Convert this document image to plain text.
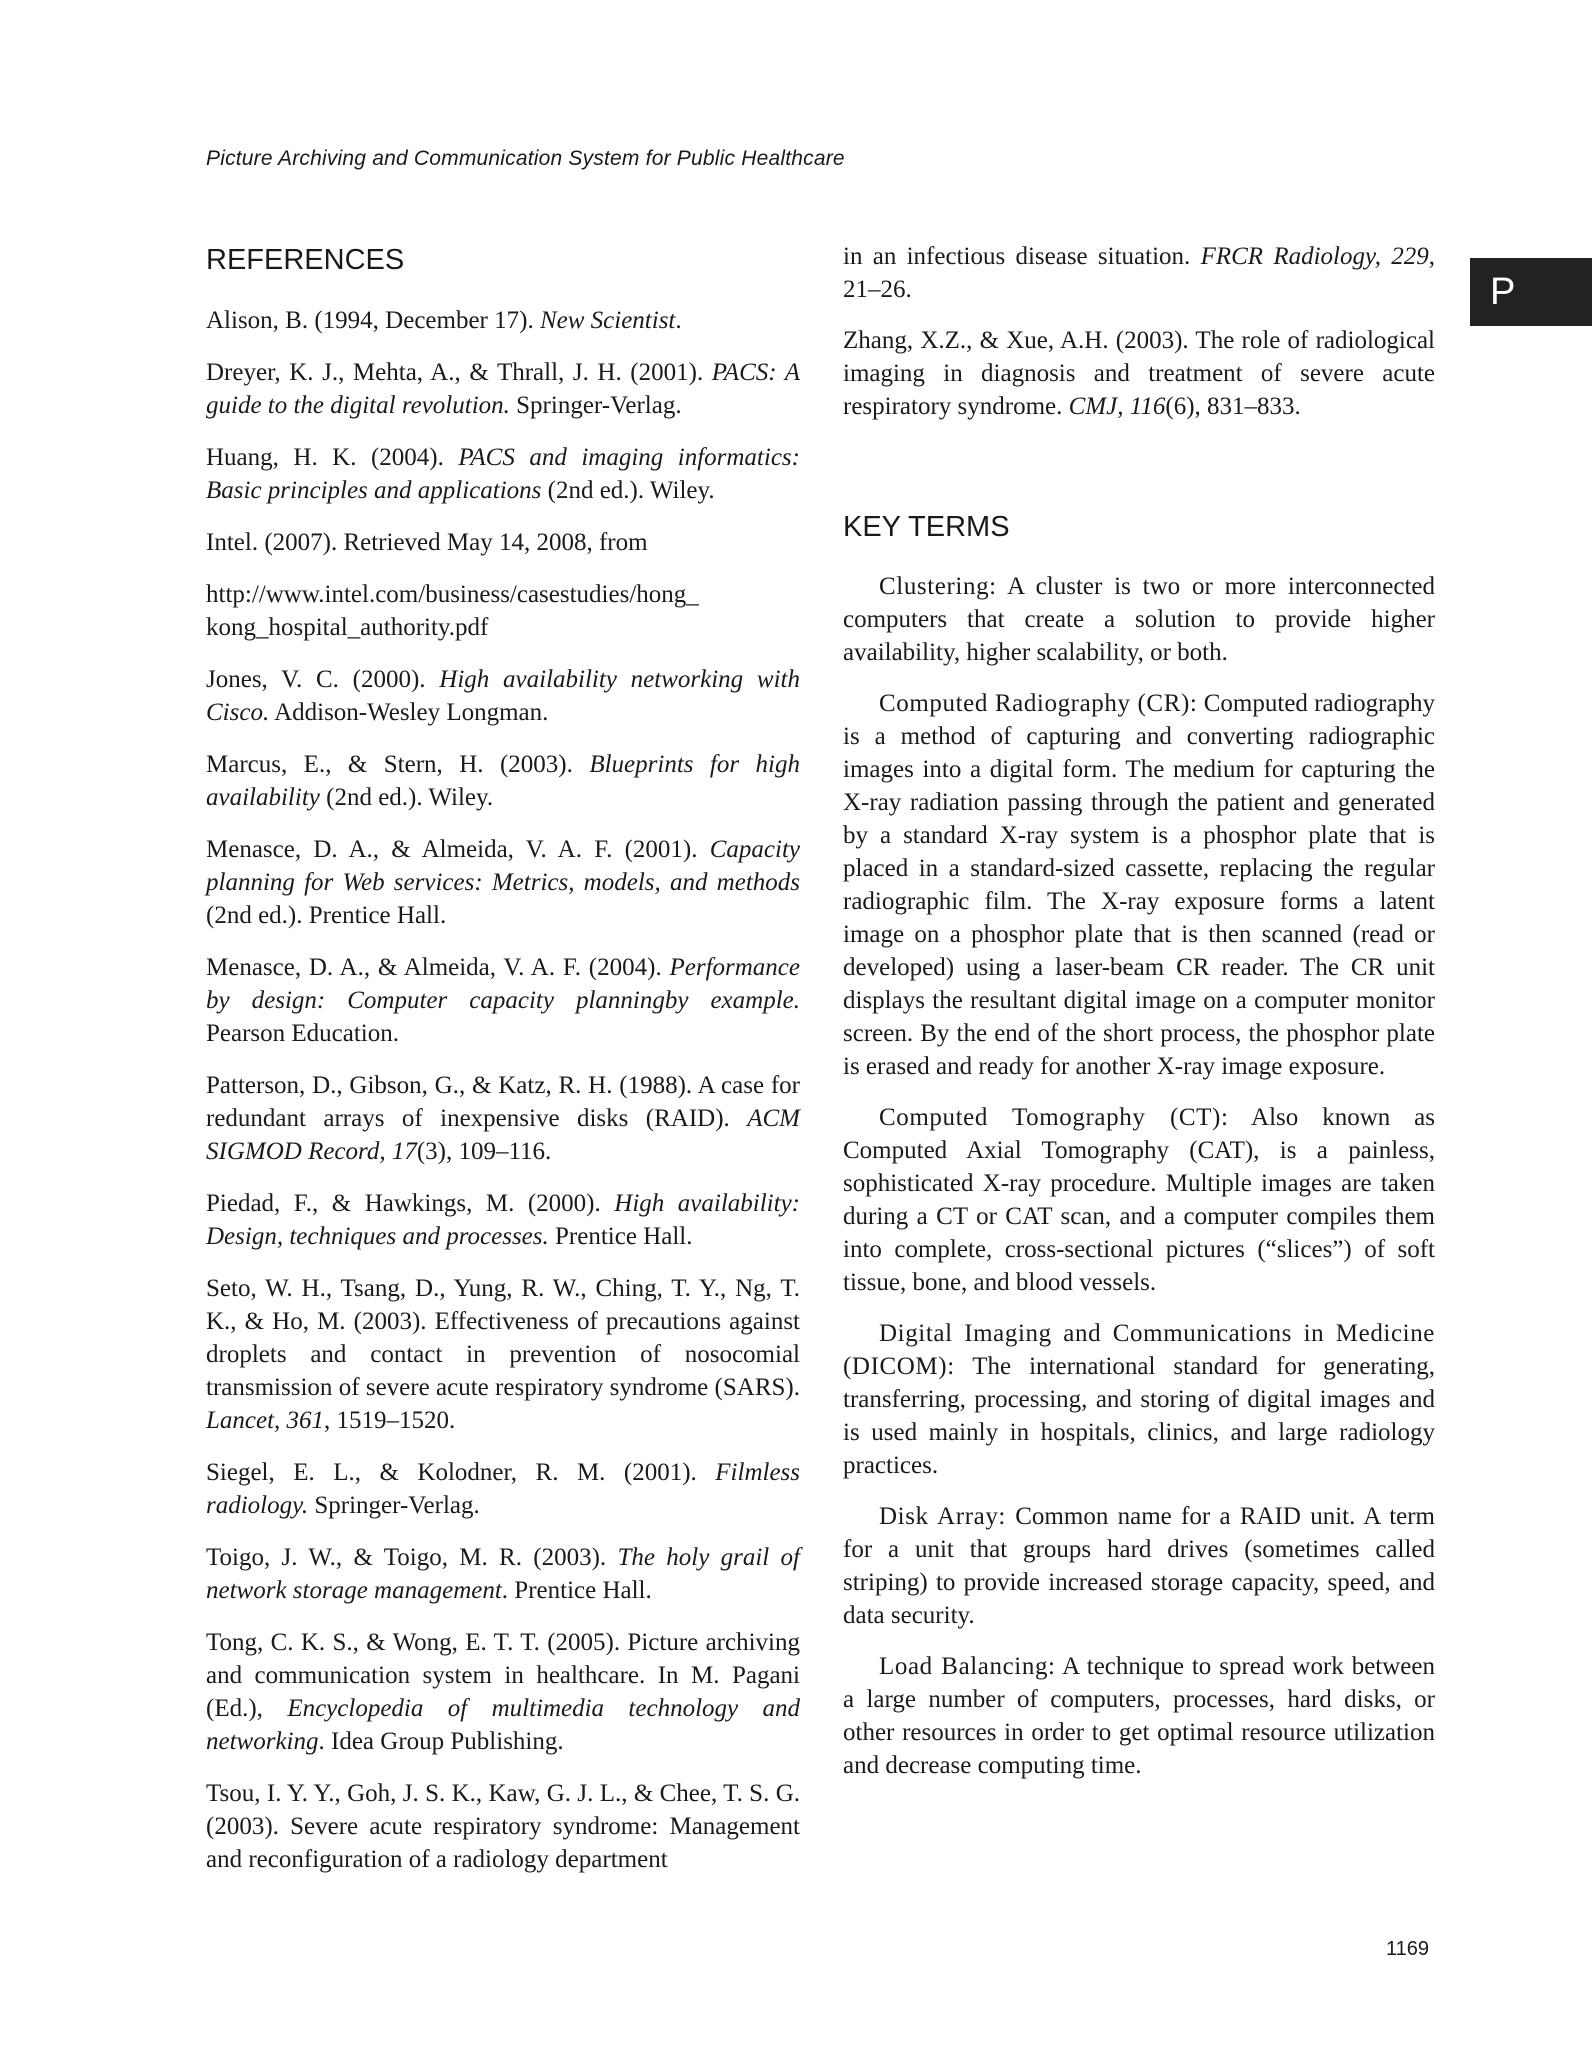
Picture Archiving and Communication System for Public Healthcare
P
REFERENCES

Alison, B. (1994, December 17). New Scientist.

Dreyer, K. J., Mehta, A., & Thrall, J. H. (2001). PACS: A guide to the digital revolution. Springer-Verlag.

Huang, H. K. (2004). PACS and imaging informatics: Basic principles and applications (2nd ed.). Wiley.

Intel. (2007). Retrieved May 14, 2008, from

http://www.intel.com/business/casestudies/hong_ kong_hospital_authority.pdf

Jones, V. C. (2000). High availability networking with Cisco. Addison-Wesley Longman.

Marcus, E., & Stern, H. (2003). Blueprints for high availability (2nd ed.). Wiley.

Menasce, D. A., & Almeida, V. A. F. (2001). Capacity planning for Web services: Metrics, models, and methods (2nd ed.). Prentice Hall.

Menasce, D. A., & Almeida, V. A. F. (2004). Performance by design: Computer capacity planningby example. Pearson Education.

Patterson, D., Gibson, G., & Katz, R. H. (1988). A case for redundant arrays of inexpensive disks (RAID). ACM SIGMOD Record, 17(3), 109–116.

Piedad, F., & Hawkings, M. (2000). High availability: Design, techniques and processes. Prentice Hall.

Seto, W. H., Tsang, D., Yung, R. W., Ching, T. Y., Ng, T. K., & Ho, M. (2003). Effectiveness of precautions against droplets and contact in prevention of nosocomial transmission of severe acute respiratory syndrome (SARS). Lancet, 361, 1519–1520.

Siegel, E. L., & Kolodner, R. M. (2001). Filmless radiology. Springer-Verlag.

Toigo, J. W., & Toigo, M. R. (2003). The holy grail of network storage management. Prentice Hall.

Tong, C. K. S., & Wong, E. T. T. (2005). Picture archiving and communication system in healthcare. In M. Pagani (Ed.), Encyclopedia of multimedia technology and networking. Idea Group Publishing.

Tsou, I. Y. Y., Goh, J. S. K., Kaw, G. J. L., & Chee, T. S. G. (2003). Severe acute respiratory syndrome: Management and reconfiguration of a radiology department

in an infectious disease situation. FRCR Radiology, 229, 21–26.

Zhang, X.Z., & Xue, A.H. (2003). The role of radiological imaging in diagnosis and treatment of severe acute respiratory syndrome. CMJ, 116(6), 831–833.

KEY TERMS

Clustering: A cluster is two or more interconnected computers that create a solution to provide higher availability, higher scalability, or both.

Computed Radiography (CR): Computed radiography is a method of capturing and converting radiographic images into a digital form. The medium for capturing the X-ray radiation passing through the patient and generated by a standard X-ray system is a phosphor plate that is placed in a standard-sized cassette, replacing the regular radiographic film. The X-ray exposure forms a latent image on a phosphor plate that is then scanned (read or developed) using a laser-beam CR reader. The CR unit displays the resultant digital image on a computer monitor screen. By the end of the short process, the phosphor plate is erased and ready for another X-ray image exposure.

Computed Tomography (CT): Also known as Computed Axial Tomography (CAT), is a painless, sophisticated X-ray procedure. Multiple images are taken during a CT or CAT scan, and a computer compiles them into complete, cross-sectional pictures (“slices”) of soft tissue, bone, and blood vessels.

Digital Imaging and Communications in Medicine (DICOM): The international standard for generating, transferring, processing, and storing of digital images and is used mainly in hospitals, clinics, and large radiology practices.

Disk Array: Common name for a RAID unit. A term for a unit that groups hard drives (sometimes called striping) to provide increased storage capacity, speed, and data security.

Load Balancing: A technique to spread work between a large number of computers, processes, hard disks, or other resources in order to get optimal resource utilization and decrease computing time.

1169
